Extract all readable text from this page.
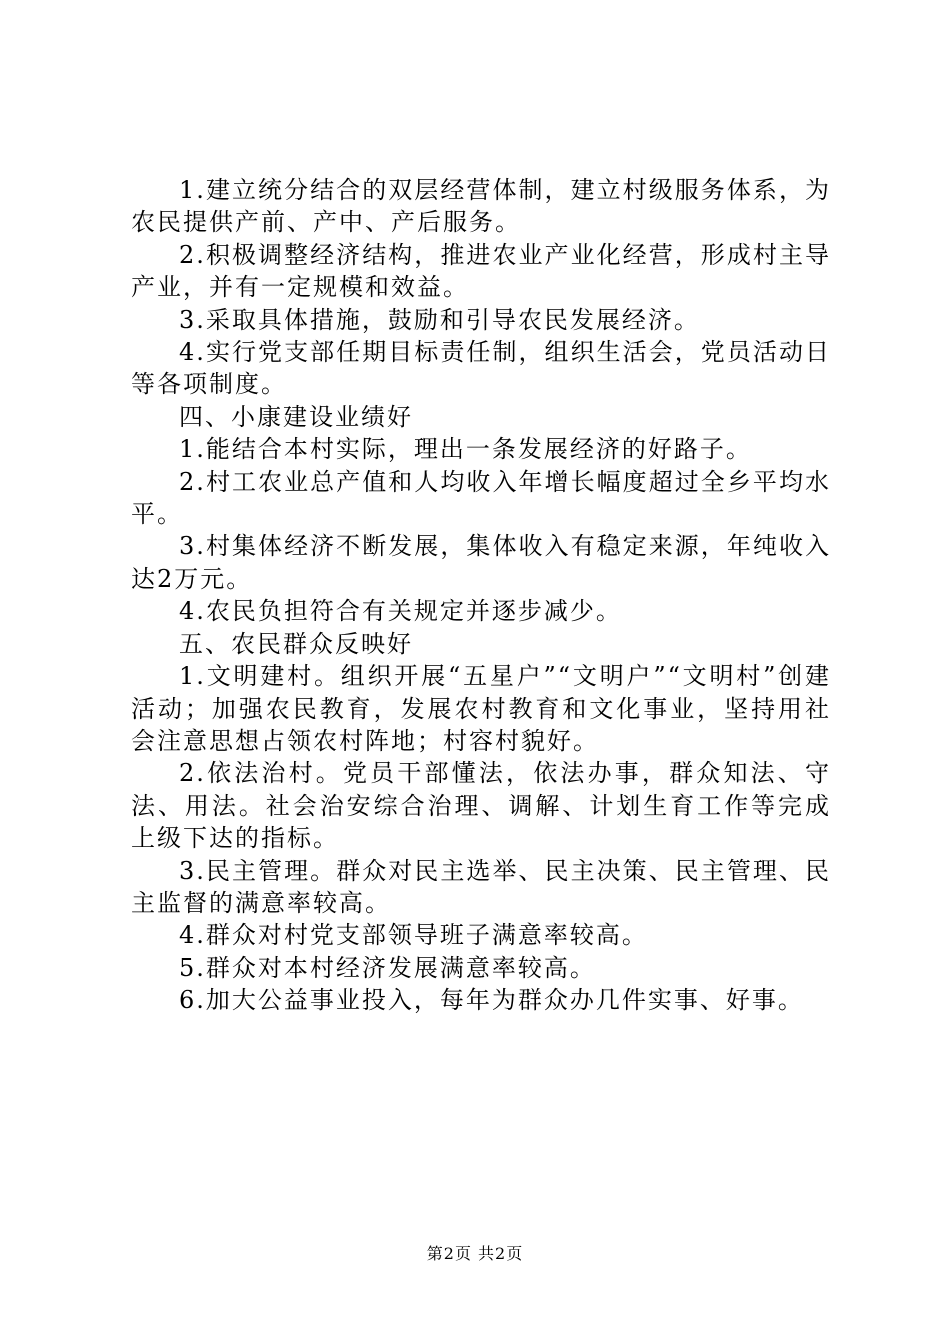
1.建立统分结合的双层经营体制，建立村级服务体系，为农民提供产前、产中、产后服务。

2.积极调整经济结构，推进农业产业化经营，形成村主导产业，并有一定规模和效益。

3.采取具体措施，鼓励和引导农民发展经济。

4.实行党支部任期目标责任制，组织生活会，党员活动日等各项制度。

四、小康建设业绩好

1.能结合本村实际，理出一条发展经济的好路子。

2.村工农业总产值和人均收入年增长幅度超过全乡平均水平。

3.村集体经济不断发展，集体收入有稳定来源，年纯收入达2万元。

4.农民负担符合有关规定并逐步减少。

五、农民群众反映好

1.文明建村。组织开展“五星户”“文明户”“文明村”创建活动；加强农民教育，发展农村教育和文化事业，坚持用社会注意思想占领农村阵地；村容村貌好。

2.依法治村。党员干部懂法，依法办事，群众知法、守法、用法。社会治安综合治理、调解、计划生育工作等完成上级下达的指标。

3.民主管理。群众对民主选举、民主决策、民主管理、民主监督的满意率较高。

4.群众对村党支部领导班子满意率较高。

5.群众对本村经济发展满意率较高。

6.加大公益事业投入，每年为群众办几件实事、好事。

第2页 共2页
